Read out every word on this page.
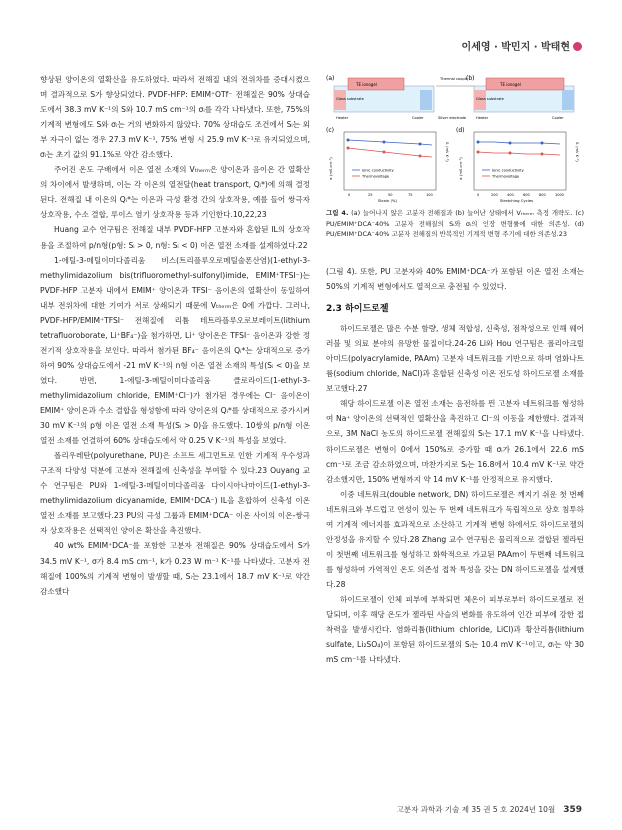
이세영 · 박민지 · 박태현

향상된 양이온의 열확산을 유도하였다. 따라서 전해질 내의 전위차를 증대시켰으며 결과적으로 S가 향상되었다. PVDF-HFP: EMIM⁺OTf⁻ 전해질은 90% 상대습도에서 38.3 mV K⁻¹의 S와 10.7 mS cm⁻¹의 σᵢ를 각각 나타냈다. 또한, 75%의 기계적 변형에도 S와 σᵢ는 거의 변화하지 않았다. 70% 상대습도 조건에서 Sᵢ는 외부 자극이 없는 경우 27.3 mV K⁻¹, 75% 변형 시 25.9 mV K⁻¹로 유지되었으며, σᵢ는 초기 값의 91.1%로 약간 감소했다.

주어진 온도 구배에서 이온 열전 소재의 Vₜₕₑᵣₘ은 양이온과 음이온 간 열확산의 차이에서 발생하며, 이는 각 이온의 열전달(heat transport, Qᵢ*)에 의해 결정된다. 전해질 내 이온의 Qᵢ*는 이온과 극성 환경 간의 상호작용, 예를 들어 쌍극자 상호작용, 수소 결합, 루이스 염기 상호작용 등과 기인한다.10,22,23

Huang 교수 연구팀은 전해질 내부 PVDF-HFP 고분자와 혼합된 IL의 상호작용을 조절하여 p/n형(p형: Sᵢ > 0, n형: Sᵢ < 0) 이온 열전 소재를 설계하였다.22

1-에틸-3-메틸이미다졸리움 비스(트리플루오로메틸술폰산염)(1-ethyl-3-methylimidazolium bis(trifluoromethyl-sulfonyl)imide, EMIM⁺TFSI⁻)는 PVDF-HFP 고분자 내에서 EMIM⁺ 양이온과 TFSI⁻ 음이온의 열확산이 동일하여 내부 전위차에 대한 기여가 서로 상쇄되기 때문에 Vₜₕₑᵣₘ은 0에 가깝다. 그러나, PVDF-HFP/EMIM⁺TFSI⁻ 전해질에 리튬 테트라플루오로보레이트(lithium tetrafluoroborate, Li⁺BF₄⁻)을 첨가하면, Li⁺ 양이온은 TFSI⁻ 음이온과 강한 정전기적 상호작용을 보인다. 따라서 첨가된 BF₄⁻ 음이온의 Qᵢ*는 상대적으로 증가하여 90% 상대습도에서 -21 mV K⁻¹의 n형 이온 열전 소재의 특성(Sᵢ < 0)을 보였다. 반면, 1-에틸-3-메틸이미다졸리움 클로라이드(1-ethyl-3-methylimidazolium chloride, EMIM⁺Cl⁻)가 첨가된 경우에는 Cl⁻ 음이온이 EMIM⁺ 양이온과 수소 결합을 형성함에 따라 양이온의 Qᵢ*를 상대적으로 증가시켜 30 mV K⁻¹의 p형 이온 열전 소재 특성(Sᵢ > 0)을 유도했다. 10쌍의 p/n형 이온 열전 소재를 연결하여 60% 상대습도에서 약 0.25 V K⁻¹의 특성을 보였다.

폴리우레탄(polyurethane, PU)은 소프트 세그먼트로 인한 기계적 우수성과 구조적 다양성 덕분에 고분자 전해질에 신축성을 부여할 수 있다.23 Ouyang 교수 연구팀은 PU와 1-에틸-3-메틸이미다졸리움 다이시아나마이드(1-ethyl-3-methylimidazolium dicyanamide, EMIM⁺DCA⁻) IL을 혼합하여 신축성 이온 열전 소재를 보고했다.23 PU의 극성 그룹과 EMIM⁺DCA⁻ 이온 사이의 이온-쌍극자 상호작용은 선택적인 양이온 확산을 촉진했다.

40 wt% EMIM⁺DCA⁻를 포함한 고분자 전해질은 90% 상대습도에서 S가 34.5 mV K⁻¹, σ가 8.4 mS cm⁻¹, k가 0.23 W m⁻¹ K⁻¹를 나타냈다. 고분자 전해질에 100%의 기계적 변형이 발생할 때, Sᵢ는 23.1에서 18.7 mV K⁻¹로 약간 감소했다

(a)	(b)
TE ionogel
Glass substrate
Heater	Cooler
Thermal couple
Silver electrode
TE ionogel
Glass substrate
Heater	Cooler
(c)
Ionic conductivity
Thermovoltage
0	25	50	75	100
Strain (%)
σᵢ (mS cm⁻¹)
Sᵢ (mV K⁻¹)
(d)
Ionic conductivity
Thermovoltage
0	200	400	600	800	1000
Stretching Cycles
σᵢ (mS cm⁻¹)
Sᵢ (mV K⁻¹)
그림 4. (a) 늘어나지 않은 고분자 전해질과 (b) 늘어난 상태에서 Vₜₕₑᵣₘ 측정 개략도. (c) PU/EMIM⁺DCA⁻40% 고분자 전해질의 Sᵢ와 σᵢ의 인장 변형률에 대한 의존성. (d) PU/EMIM⁺DCA⁻40% 고분자 전해질의 반복적인 기계적 변형 주기에 대한 의존성.23

(그림 4). 또한, PU 고분자와 40% EMIM⁺DCA⁻가 포함된 이온 열전 소재는 50%의 기계적 변형에서도 열적으로 충전될 수 있었다.

2.3 하이드로젤

하이드로젤은 많은 수분 함량, 생체 적합성, 신축성, 점착성으로 인해 웨어러블 및 의료 분야의 유망한 물질이다.24-26 Li와 Hou 연구팀은 폴리아크릴아미드(polyacrylamide, PAAm) 고분자 네트워크를 기반으로 하며 염화나트륨(sodium chloride, NaCl)과 혼합된 신축성 이온 전도성 하이드로젤 소재를 보고했다.27

해당 하이드로젤 이온 열전 소재는 음전하를 띈 고분자 네트워크를 형성하여 Na⁺ 양이온의 선택적인 열확산을 촉진하고 Cl⁻의 이동을 제한했다. 결과적으로, 3M NaCl 농도의 하이드로젤 전해질의 Sᵢ는 17.1 mV K⁻¹을 나타냈다. 하이드로젤은 변형이 0에서 150%로 증가할 때 σᵢ가 26.1에서 22.6 mS cm⁻¹로 조금 감소하였으며, 마찬가지로 Sᵢ는 16.8에서 10.4 mV K⁻¹로 약간 감소했지만, 150% 변형까지 약 14 mV K⁻¹를 안정적으로 유지했다.

이중 네트워크(double network, DN) 하이드로젤은 깨지기 쉬운 첫 번째 네트워크와 부드럽고 연성이 있는 두 번째 네트워크가 독립적으로 상호 침투하여 기계적 에너지를 효과적으로 소산하고 기계적 변형 하에서도 하이드로젤의 안정성을 유지할 수 있다.28 Zhang 교수 연구팀은 물리적으로 결합된 젤라틴이 첫번째 네트워크를 형성하고 화학적으로 가교된 PAAm이 두번째 네트워크를 형성하여 가역적인 온도 의존성 접착 특성을 갖는 DN 하이드로젤을 설계했다.28

하이드로젤이 인체 피부에 부착되면 체온이 피부로부터 하이드로젤로 전달되며, 이후 해당 온도가 젤라틴 사슬의 변화를 유도하여 인간 피부에 강한 접착력을 발생시킨다. 염화리튬(lithium chloride, LiCl)과 황산리튬(lithium sulfate, Li₂SO₄)이 포함된 하이드로젤의 Sᵢ는 10.4 mV K⁻¹이고, σᵢ는 약 30 mS cm⁻¹를 나타냈다.

고분자 과학과 기술 제 35 권 5 호 2024년 10월 359
